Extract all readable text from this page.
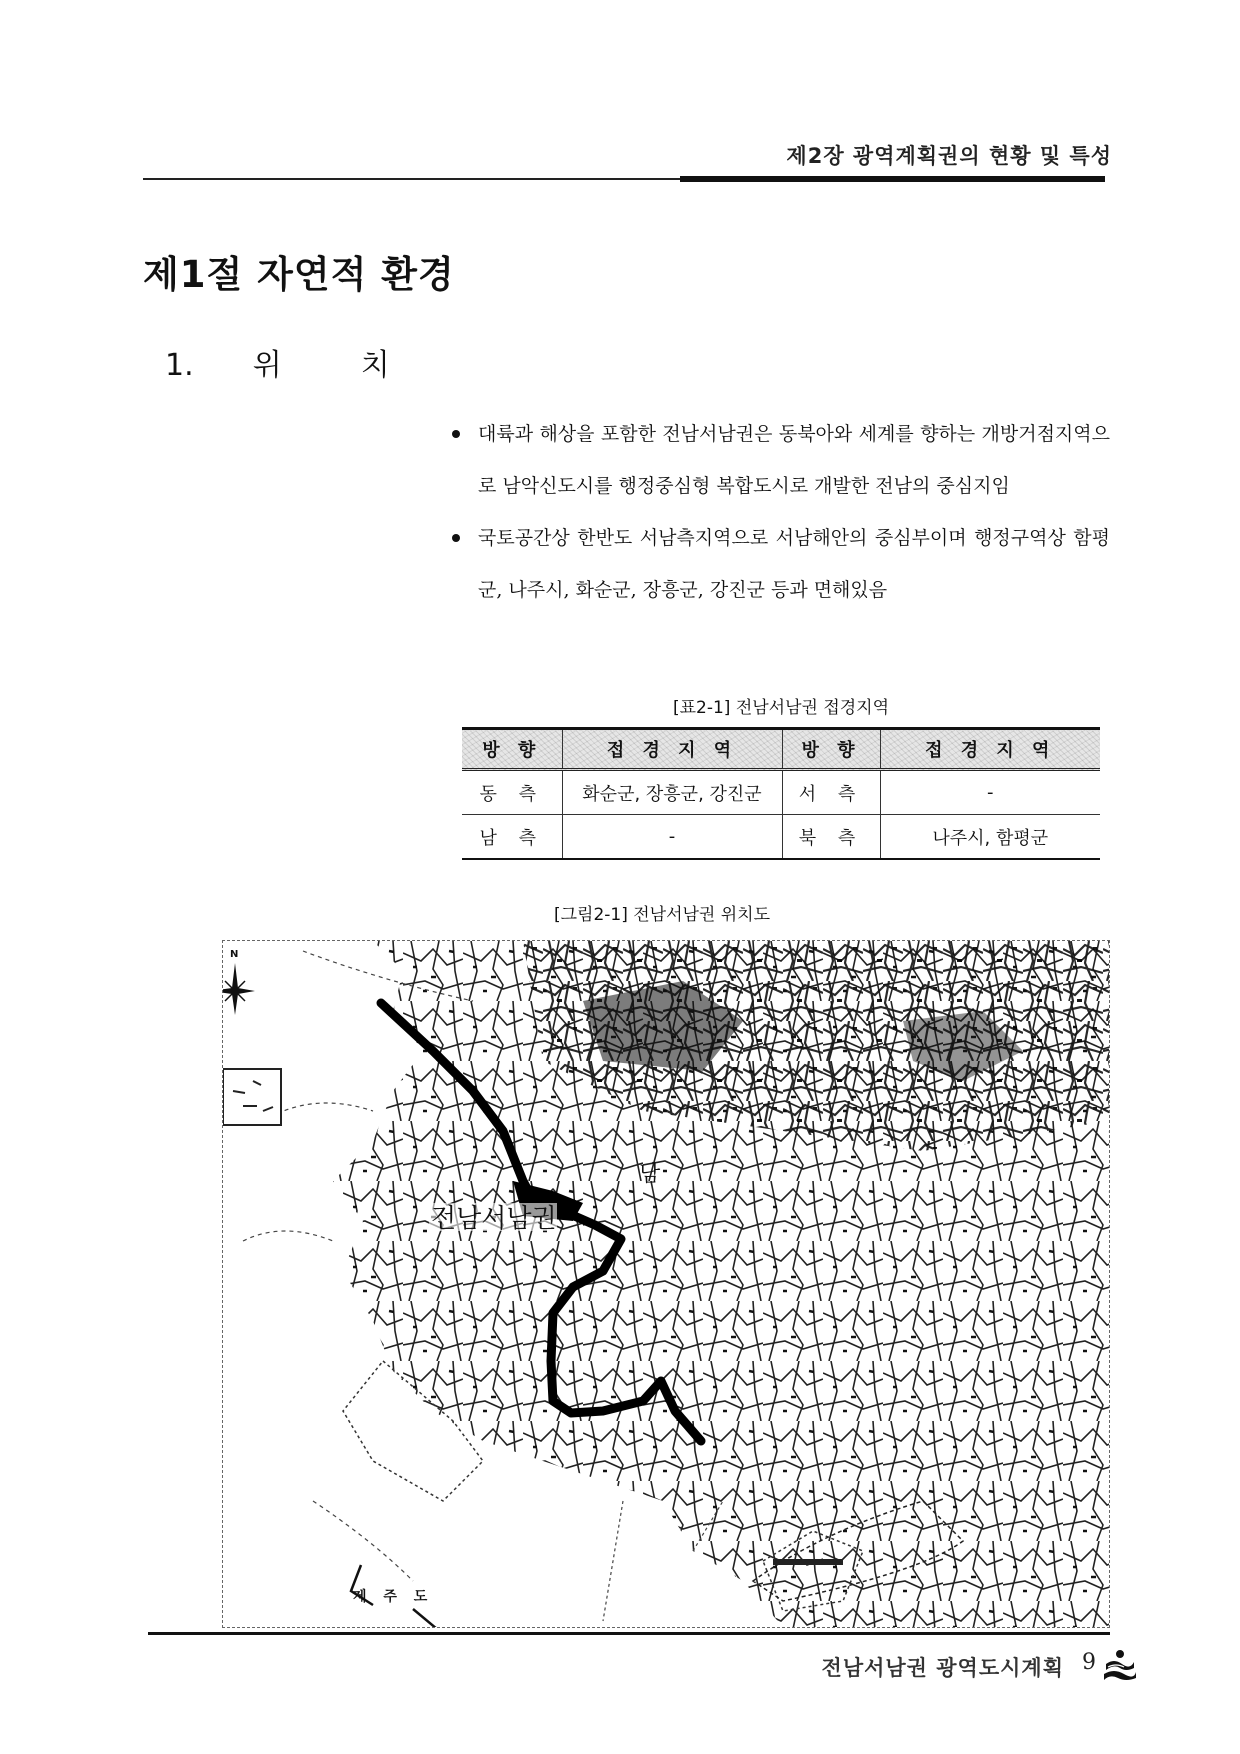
제2장 광역계획권의 현황 및 특성
제1절 자연적 환경
1. 위	치
대륙과 해상을 포함한 전남서남권은 동북아와 세계를 향하는 개방거점지역으로 남악신도시를 행정중심형 복합도시로 개발한 전남의 중심지임
국토공간상 한반도 서남측지역으로 서남해안의 중심부이며 행정구역상 함평군, 나주시, 화순군, 장흥군, 강진군 등과 면해있음
[표2-1] 전남서남권 접경지역
방 향	접 경 지 역	방 향	접 경 지 역
동 측	화순군, 장흥군, 강진군	서 측	-
남 측	-	북 측	나주시, 함평군
[그림2-1] 전남서남권 위치도
N
전남서남권
남
제 주 도
전남서남권 광역도시계획 9
